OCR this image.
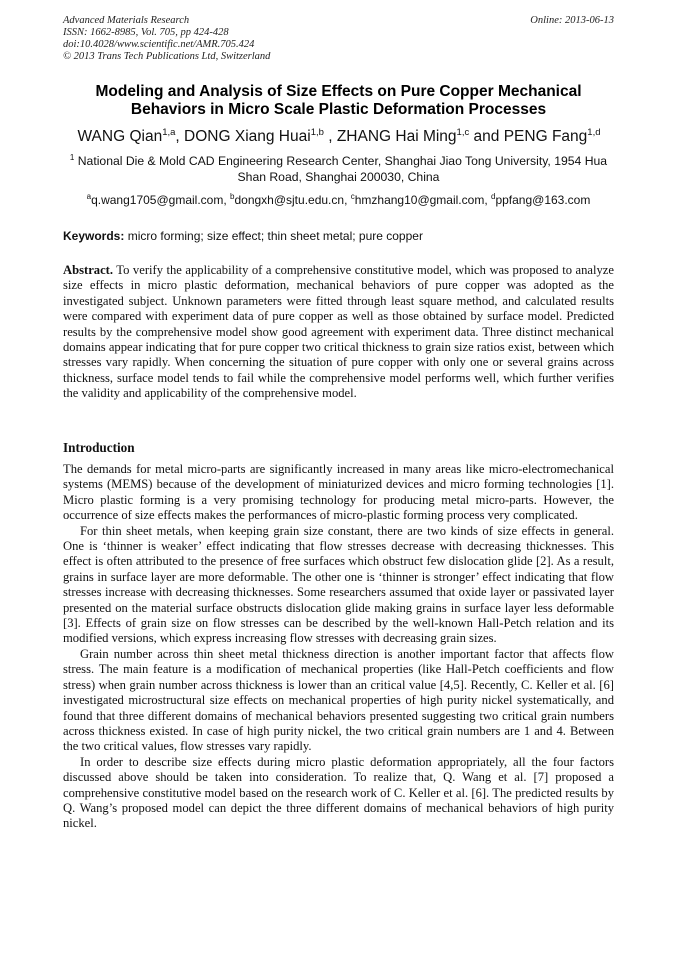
Advanced Materials Research
ISSN: 1662-8985, Vol. 705, pp 424-428
doi:10.4028/www.scientific.net/AMR.705.424
© 2013 Trans Tech Publications Ltd, Switzerland
Online: 2013-06-13
Modeling and Analysis of Size Effects on Pure Copper Mechanical Behaviors in Micro Scale Plastic Deformation Processes
WANG Qian$^{1,a}$, DONG Xiang Huai$^{1,b}$ , ZHANG Hai Ming$^{1,c}$ and PENG Fang$^{1,d}$
$^1$ National Die & Mold CAD Engineering Research Center, Shanghai Jiao Tong University, 1954 Hua
Shan Road, Shanghai 200030, China
$^a$q.wang1705@gmail.com, $^b$dongxh@sjtu.edu.cn, $^c$hmzhang10@gmail.com, $^d$ppfang@163.com
Keywords: micro forming; size effect; thin sheet metal; pure copper
Abstract. To verify the applicability of a comprehensive constitutive model, which was proposed to analyze size effects in micro plastic deformation, mechanical behaviors of pure copper was adopted as the investigated subject. Unknown parameters were fitted through least square method, and calculated results were compared with experiment data of pure copper as well as those obtained by surface model. Predicted results by the comprehensive model show good agreement with experiment data. Three distinct mechanical domains appear indicating that for pure copper two critical thickness to grain size ratios exist, between which stresses vary rapidly. When concerning the situation of pure copper with only one or several grains across thickness, surface model tends to fail while the comprehensive model performs well, which further verifies the validity and applicability of the comprehensive model.
Introduction

The demands for metal micro-parts are significantly increased in many areas like micro-electromechanical systems (MEMS) because of the development of miniaturized devices and micro forming technologies [1]. Micro plastic forming is a very promising technology for producing metal micro-parts. However, the occurrence of size effects makes the performances of micro-plastic forming process very complicated.

For thin sheet metals, when keeping grain size constant, there are two kinds of size effects in general. One is ‘thinner is weaker’ effect indicating that flow stresses decrease with decreasing thicknesses. This effect is often attributed to the presence of free surfaces which obstruct few dislocation glide [2]. As a result, grains in surface layer are more deformable. The other one is ‘thinner is stronger’ effect indicating that flow stresses increase with decreasing thicknesses. Some researchers assumed that oxide layer or passivated layer presented on the material surface obstructs dislocation glide making grains in surface layer less deformable [3]. Effects of grain size on flow stresses can be described by the well-known Hall-Petch relation and its modified versions, which express increasing flow stresses with decreasing grain sizes.

Grain number across thin sheet metal thickness direction is another important factor that affects flow stress. The main feature is a modification of mechanical properties (like Hall-Petch coefficients and flow stress) when grain number across thickness is lower than an critical value [4,5]. Recently, C. Keller et al. [6] investigated microstructural size effects on mechanical properties of high purity nickel systematically, and found that three different domains of mechanical behaviors presented suggesting two critical grain numbers across thickness existed. In case of high purity nickel, the two critical grain numbers are 1 and 4. Between the two critical values, flow stresses vary rapidly.

In order to describe size effects during micro plastic deformation appropriately, all the four factors discussed above should be taken into consideration. To realize that, Q. Wang et al. [7] proposed a comprehensive constitutive model based on the research work of C. Keller et al. [6]. The predicted results by Q. Wang’s proposed model can depict the three different domains of mechanical behaviors of high purity nickel.
